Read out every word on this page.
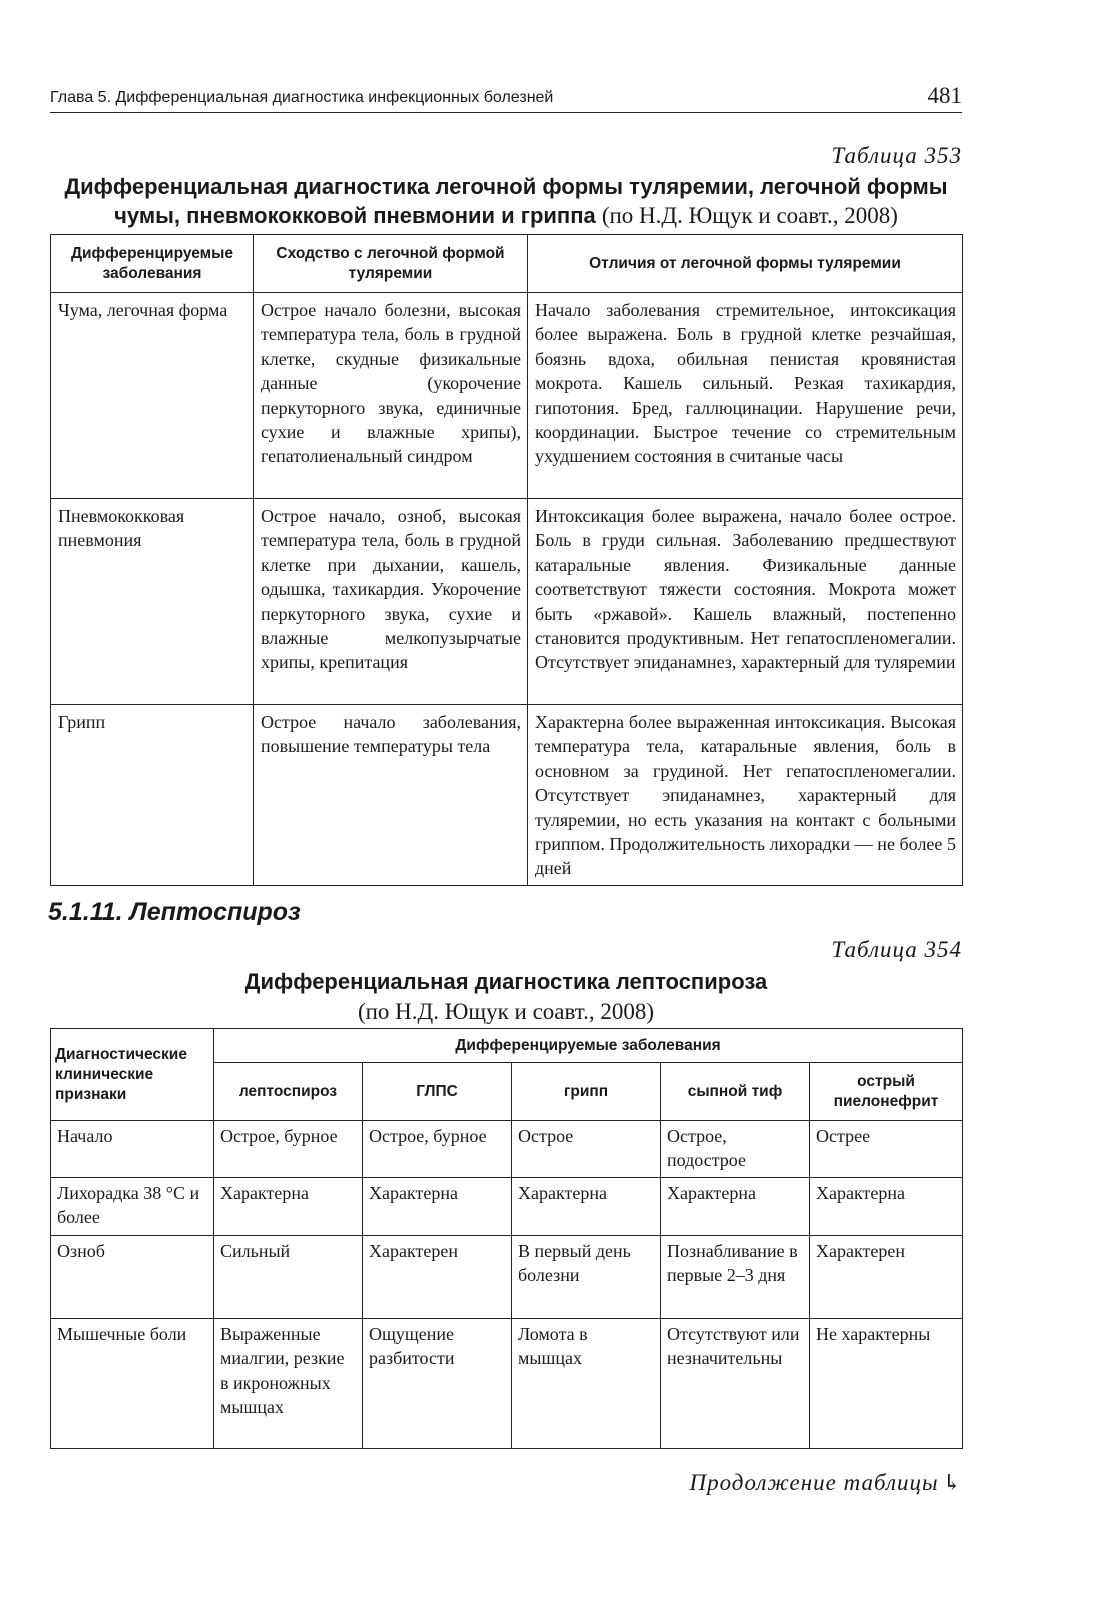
Глава 5. Дифференциальная диагностика инфекционных болезней	481
Таблица 353
Дифференциальная диагностика легочной формы туляремии, легочной формы
чумы, пневмококковой пневмонии и гриппа (по Н.Д. Ющук и соавт., 2008)
Дифференцируемые заболевания	Сходство с легочной формой туляремии	Отличия от легочной формы туляремии
Чума, легочная форма	Острое начало болезни, высокая температура тела, боль в грудной клетке, скудные физикальные данные (укорочение перкуторного звука, единичные сухие и влажные хрипы), гепатолиенальный синдром	Начало заболевания стремительное, интоксикация более выражена. Боль в грудной клетке резчайшая, боязнь вдоха, обильная пенистая кровянистая мокрота. Кашель сильный. Резкая тахикардия, гипотония. Бред, галлюцинации. Нарушение речи, координации. Быстрое течение со стремительным ухудшением состояния в считаные часы
Пневмококковая пневмония	Острое начало, озноб, высокая температура тела, боль в грудной клетке при дыхании, кашель, одышка, тахикардия. Укорочение перкуторного звука, сухие и влажные мелкопузырчатые хрипы, крепитация	Интоксикация более выражена, начало более острое. Боль в груди сильная. Заболеванию предшествуют катаральные явления. Физикальные данные соответствуют тяжести состояния. Мокрота может быть «ржавой». Кашель влажный, постепенно становится продуктивным. Нет гепатоспленомегалии. Отсутствует эпиданамнез, характерный для туляремии
Грипп	Острое начало заболевания, повышение температуры тела	Характерна более выраженная интоксикация. Высокая температура тела, катаральные явления, боль в основном за грудиной. Нет гепатоспленомегалии. Отсутствует эпиданамнез, характерный для туляремии, но есть указания на контакт с больными гриппом. Продолжительность лихорадки — не более 5 дней
5.1.11. Лептоспироз
Таблица 354
Дифференциальная диагностика лептоспироза
(по Н.Д. Ющук и соавт., 2008)
Диагностические клинические признаки	Дифференцируемые заболевания				
	лептоспироз	ГЛПС	грипп	сыпной тиф	острый пиелонефрит
Начало	Острое, бурное	Острое, бурное	Острое	Острое, подострое	Острее
Лихорадка 38 °С и более	Характерна	Характерна	Характерна	Характерна	Характерна
Озноб	Сильный	Характерен	В первый день болезни	Познабливание в первые 2–3 дня	Характерен
Мышечные боли	Выраженные миалгии, резкие в икроножных мышцах	Ощущение разбитости	Ломота в мышцах	Отсутствуют или незначительны	Не характерны
Продолжение таблицы ↳
